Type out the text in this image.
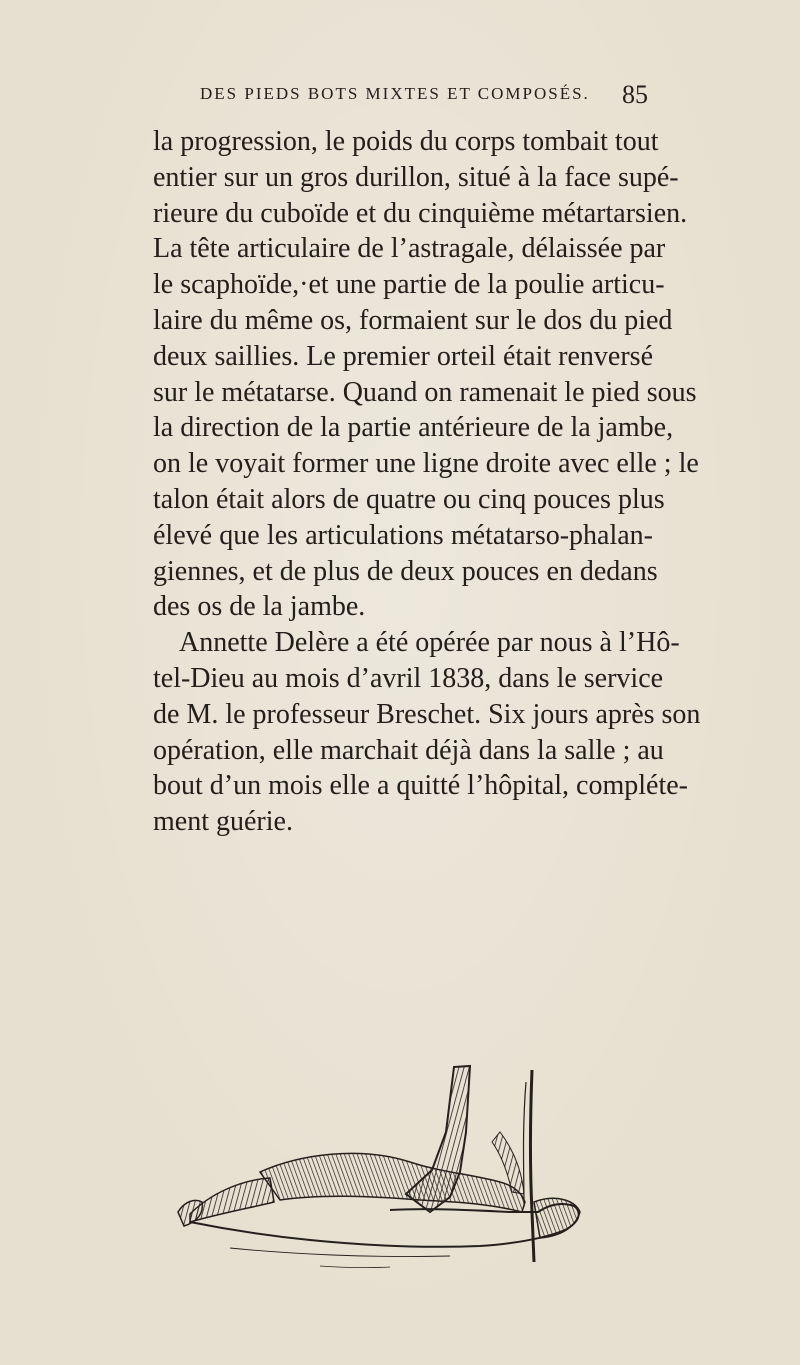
DES PIEDS BOTS MIXTES ET COMPOSÉS. 85
la progression, le poids du corps tombait tout
entier sur un gros durillon, situé à la face supé-
rieure du cuboïde et du cinquième métartarsien.
La tête articulaire de l’astragale, délaissée par
le scaphoïde,·et une partie de la poulie articu-
laire du même os, formaient sur le dos du pied
deux saillies. Le premier orteil était renversé
sur le métatarse. Quand on ramenait le pied sous
la direction de la partie antérieure de la jambe,
on le voyait former une ligne droite avec elle ; le
talon était alors de quatre ou cinq pouces plus
élevé que les articulations métatarso-phalan-
giennes, et de plus de deux pouces en dedans
des os de la jambe.
Annette Delère a été opérée par nous à l’Hô-
tel-Dieu au mois d’avril 1838, dans le service
de M. le professeur Breschet. Six jours après son
opération, elle marchait déjà dans la salle ; au
bout d’un mois elle a quitté l’hôpital, compléte-
ment guérie.
